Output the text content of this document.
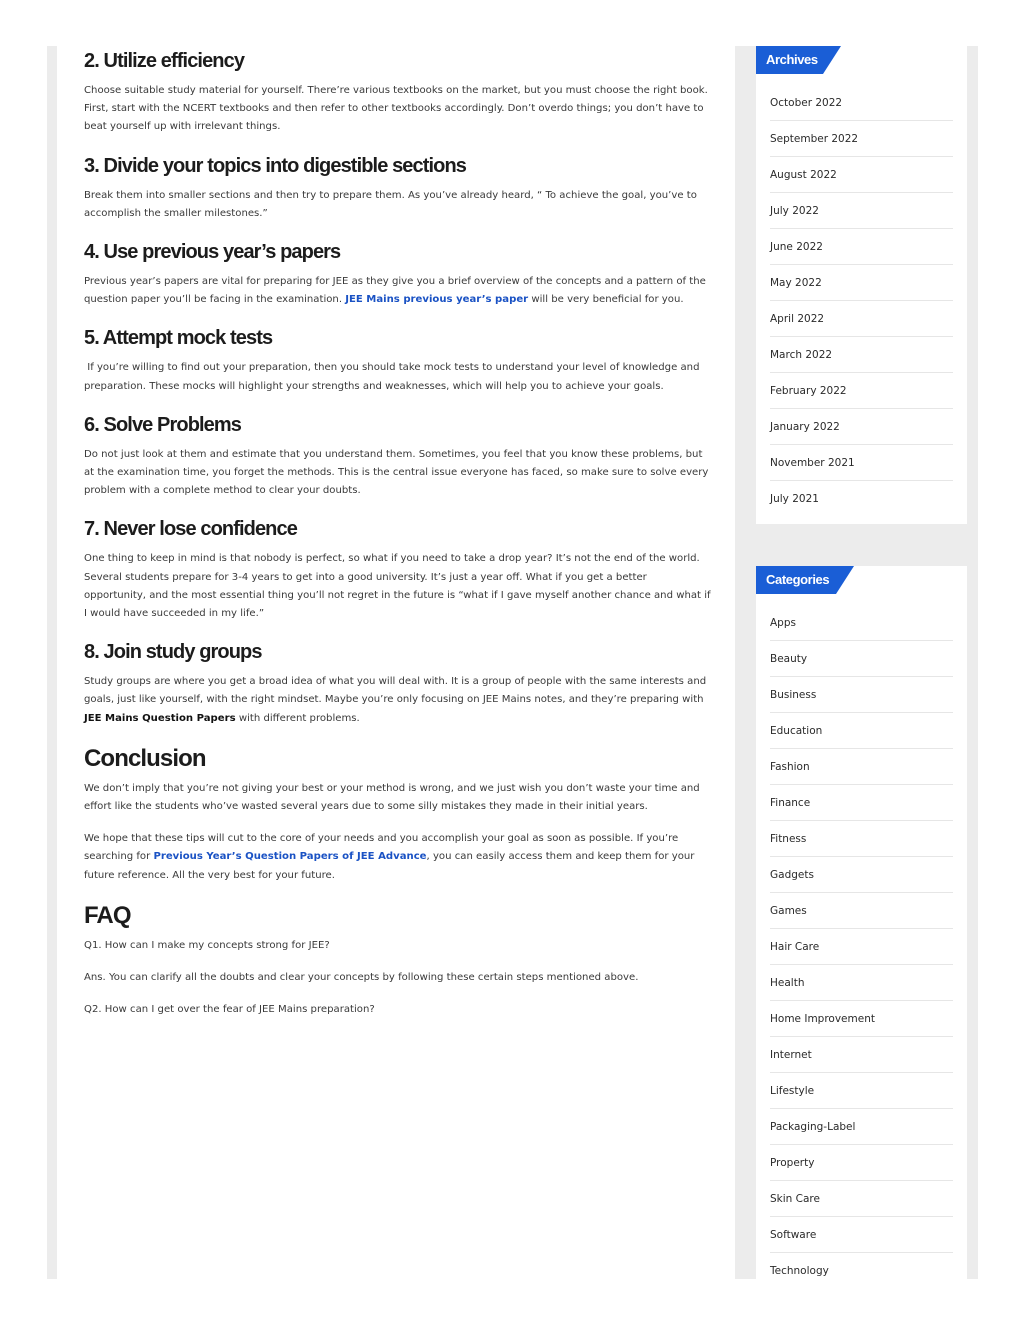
2. Utilize efficiency

Choose suitable study material for yourself. There’re various textbooks on the market, but you must choose the right book. First, start with the NCERT textbooks and then refer to other textbooks accordingly. Don’t overdo things; you don’t have to beat yourself up with irrelevant things.

3. Divide your topics into digestible sections

Break them into smaller sections and then try to prepare them. As you’ve already heard, “ To achieve the goal, you’ve to accomplish the smaller milestones.”

4. Use previous year’s papers

Previous year’s papers are vital for preparing for JEE as they give you a brief overview of the concepts and a pattern of the question paper you’ll be facing in the examination. JEE Mains previous year’s paper will be very beneficial for you.

5. Attempt mock tests

If you’re willing to find out your preparation, then you should take mock tests to understand your level of knowledge and preparation. These mocks will highlight your strengths and weaknesses, which will help you to achieve your goals.

6. Solve Problems

Do not just look at them and estimate that you understand them. Sometimes, you feel that you know these problems, but at the examination time, you forget the methods. This is the central issue everyone has faced, so make sure to solve every problem with a complete method to clear your doubts.

7. Never lose confidence

One thing to keep in mind is that nobody is perfect, so what if you need to take a drop year? It’s not the end of the world. Several students prepare for 3-4 years to get into a good university. It’s just a year off. What if you get a better opportunity, and the most essential thing you’ll not regret in the future is “what if I gave myself another chance and what if I would have succeeded in my life.”

8. Join study groups

Study groups are where you get a broad idea of what you will deal with. It is a group of people with the same interests and goals, just like yourself, with the right mindset. Maybe you’re only focusing on JEE Mains notes, and they’re preparing with JEE Mains Question Papers with different problems.

Conclusion

We don’t imply that you’re not giving your best or your method is wrong, and we just wish you don’t waste your time and effort like the students who’ve wasted several years due to some silly mistakes they made in their initial years.

We hope that these tips will cut to the core of your needs and you accomplish your goal as soon as possible. If you’re searching for Previous Year’s Question Papers of JEE Advance, you can easily access them and keep them for your future reference. All the very best for your future.

FAQ

Q1. How can I make my concepts strong for JEE?

Ans. You can clarify all the doubts and clear your concepts by following these certain steps mentioned above.

Q2. How can I get over the fear of JEE Mains preparation?

Archives
October 2022
September 2022
August 2022
July 2022
June 2022
May 2022
April 2022
March 2022
February 2022
January 2022
November 2021
July 2021
Categories
Apps
Beauty
Business
Education
Fashion
Finance
Fitness
Gadgets
Games
Hair Care
Health
Home Improvement
Internet
Lifestyle
Packaging-Label
Property
Skin Care
Software
Technology
